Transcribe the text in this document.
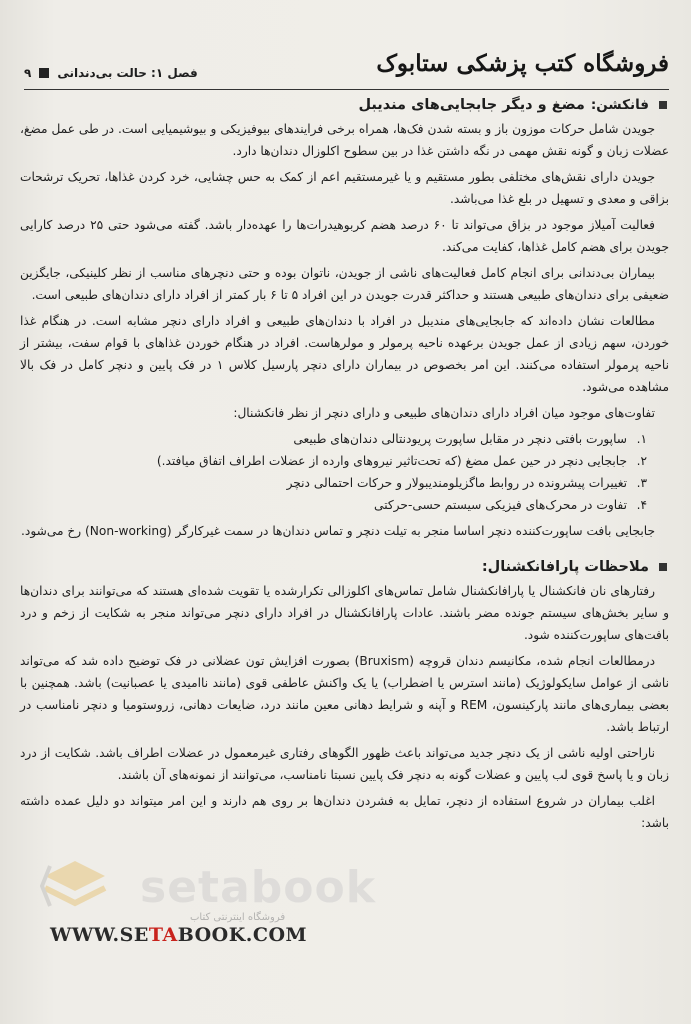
فروشگاه کتب پزشکی ستابوک
فصل ۱: حالت بی‌دندانی
۹
فانکشن:
مضغ و دیگر جابجایی‌های مندیبل

جویدن شامل حرکات موزون باز و بسته شدن فک‌ها، همراه برخی فرایندهای بیوفیزیکی و بیوشیمیایی است. در طی عمل مضغ، عضلات زبان و گونه نقش مهمی در نگه داشتن غذا در بین سطوح اکلوزال دندان‌ها دارد.

جویدن دارای نقش‌های مختلفی بطور مستقیم و یا غیرمستقیم اعم از کمک به حس چشایی، خرد کردن غذاها، تحریک ترشحات بزاقی و معدی و تسهیل در بلع غذا می‌باشد.

فعالیت آمیلاز موجود در بزاق می‌تواند تا ۶۰ درصد هضم کربوهیدرات‌ها را عهده‌دار باشد. گفته می‌شود حتی ۲۵ درصد کارایی جویدن برای هضم کامل غذاها، کفایت می‌کند.

بیماران بی‌دندانی برای انجام کامل فعالیت‌های ناشی از جویدن، ناتوان بوده و حتی دنچرهای مناسب از نظر کلینیکی، جایگزین ضعیفی برای دندان‌های طبیعی هستند و حداکثر قدرت جویدن در این افراد ۵ تا ۶ بار کمتر از افراد دارای دندان‌های طبیعی است.

مطالعات نشان داده‌اند که جابجایی‌های مندیبل در افراد با دندان‌های طبیعی و افراد دارای دنچر مشابه است. در هنگام غذا خوردن، سهم زیادی از عمل جویدن برعهده ناحیه پرمولر و مولرهاست. افراد در هنگام خوردن غذاهای با قوام سفت، بیشتر از ناحیه پرمولر استفاده می‌کنند. این امر بخصوص در بیماران دارای دنچر پارسیل کلاس ۱ در فک پایین و دنچر کامل در فک بالا مشاهده می‌شود.

تفاوت‌های موجود میان افراد دارای دندان‌های طبیعی و دارای دنچر از نظر فانکشنال:

۱.
ساپورت بافتی دنچر در مقابل ساپورت پریودنتالی دندان‌های طبیعی
۲.
جابجایی دنچر در حین عمل مضغ (که تحت‌تاثیر نیروهای وارده از عضلات اطراف اتفاق میافتد.)
۳.
تغییرات پیشرونده در روابط ماگزیلومندیبولار و حرکات احتمالی دنچر
۴.
تفاوت در محرک‌های فیزیکی سیستم حسی-حرکتی

جابجایی بافت ساپورت‌کننده دنچر اساسا منجر به تیلت دنچر و تماس دندان‌ها در سمت غیرکارگر (Non-working) رخ می‌شود.

ملاحظات پارافانکشنال:

رفتارهای نان فانکشنال یا پارافانکشنال شامل تماس‌های اکلوزالی تکرارشده یا تقویت شده‌ای هستند که می‌توانند برای دندان‌ها و سایر بخش‌های سیستم جونده مضر باشند. عادات پارافانکشنال در افراد دارای دنچر می‌تواند منجر به شکایت از زخم و درد بافت‌های ساپورت‌کننده شود.

درمطالعات انجام شده، مکانیسم دندان قروچه (Bruxism) بصورت افزایش تون عضلانی در فک توضیح داده شد که می‌تواند ناشی از عوامل سایکولوژیک (مانند استرس یا اضطراب) یا یک واکنش عاطفی قوی (مانند ناامیدی یا عصبانیت) باشد. همچنین با بعضی بیماری‌های مانند پارکینسون، REM و آپنه و شرایط دهانی معین مانند درد، ضایعات دهانی، زروستومیا و دنچر نامناسب در ارتباط باشد.

ناراحتی اولیه ناشی از یک دنچر جدید می‌تواند باعث ظهور الگوهای رفتاری غیرمعمول در عضلات اطراف باشد. شکایت از درد زبان و یا پاسخ قوی لب پایین و عضلات گونه به دنچر فک پایین نسبتا نامناسب، می‌توانند از نمونه‌های آن باشند.

اغلب بیماران در شروع استفاده از دنچر، تمایل به فشردن دندان‌ها بر روی هم دارند و این امر میتواند دو دلیل عمده داشته باشد:

setabook
فروشگاه اینترنتی کتاب
WWW.SETABOOK.COM
